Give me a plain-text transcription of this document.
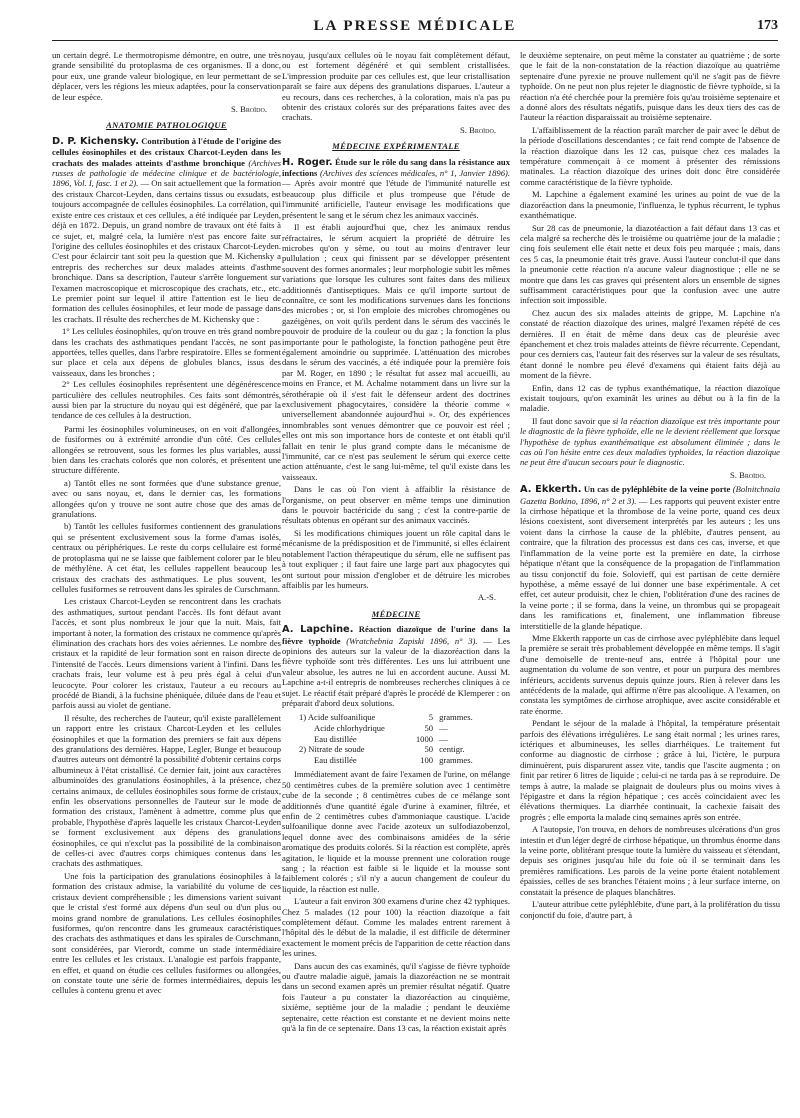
LA PRESSE MÉDICALE	173

un certain degré. Le thermotropisme démontre, en outre, une très grande sensibilité du protoplasma de ces organismes. Il a donc, pour eux, une grande valeur biologique, en leur permettant de se déplacer, vers les régions les mieux adaptées, pour la conservation de leur espèce.

S. Broïdo.
ANATOMIE PATHOLOGIQUE

D. P. Kichensky. Contribution à l'étude de l'origine des cellules éosinophiles et des cristaux Charcot-Leyden dans les crachats des malades atteints d'asthme bronchique (Archives russes de pathologie de médecine clinique et de bactériologie, 1896, Vol. I, fasc. 1 et 2). — On sait actuellement que la formation des cristaux Charcot-Leyden, dans certains tissus ou exsudats, est toujours accompagnée de cellules éosinophiles. La corrélation, qui existe entre ces cristaux et ces cellules, a été indiquée par Leyden, déjà en 1872. Depuis, un grand nombre de travaux ont été faits à ce sujet, et, malgré cela, la lumière n'est pas encore faite sur l'origine des cellules éosinophiles et des cristaux Charcot-Leyden. C'est pour éclaircir tant soit peu la question que M. Kichensky a entrepris des recherches sur deux malades atteints d'asthme bronchique. Dans sa description, l'auteur s'arrête longuement sur l'examen macroscopique et microscopique des crachats, etc., etc. Le premier point sur lequel il attire l'attention est le lieu de formation des cellules éosinophiles, et leur mode de passage dans les crachats. Il résulte des recherches de M. Kichensky que :

1° Les cellules éosinophiles, qu'on trouve en très grand nombre dans les crachats des asthmatiques pendant l'accès, ne sont pas apportées, telles quelles, dans l'arbre respiratoire. Elles se forment sur place et cela aux dépens de globules blancs, issus des vaisseaux, dans les bronches ;

2° Les cellules éosinophiles représentent une dégénérescence particulière des cellules neutrophiles. Ces faits sont démontrés, aussi bien par la structure du noyau qui est dégénéré, que par la tendance de ces cellules à la destruction.

Parmi les éosinophiles volumineuses, on en voit d'allongées, de fusiformes ou à extrémité arrondie d'un côté. Ces cellules allongées se retrouvent, sous les formes les plus variables, aussi bien dans les crachats colorés que non colorés, et présentent une structure différente.

a) Tantôt elles ne sont formées que d'une substance grenue, avec ou sans noyau, et, dans le dernier cas, les formations allongées qu'on y trouve ne sont autre chose que des amas de granulations.

b) Tantôt les cellules fusiformes contiennent des granulations qui se présentent exclusivement sous la forme d'amas isolés, centraux ou périphériques. Le reste du corps cellulaire est formé de protoplasma qui ne se laisse que faiblement colorer par le bleu de méthylène. A cet état, les cellules rappellent beaucoup les cristaux des crachats des asthmatiques. Le plus souvent, les cellules fusiformes se retrouvent dans les spirales de Curschmann.

Les cristaux Charcot-Leyden se rencontrent dans les crachats des asthmatiques, surtout pendant l'accès. Ils font défaut avant l'accès, et sont plus nombreux le jour que la nuit. Mais, fait important à noter, la formation des cristaux ne commence qu'après élimination des crachats hors des voies aériennes. Le nombre des cristaux et la rapidité de leur formation sont en raison directe de l'intensité de l'accès. Leurs dimensions varient à l'infini. Dans les crachats frais, leur volume est à peu près égal à celui d'un leucocyte. Pour colorer les cristaux, l'auteur a eu recours au procédé de Biandi, à la fuchsine phéniquée, diluée dans de l'eau et parfois aussi au violet de gentiane.

Il résulte, des recherches de l'auteur, qu'il existe parallèlement un rapport entre les cristaux Charcot-Leyden et les cellules éosinophiles et que la formation des premiers se fait aux dépens des granulations des dernières. Happe, Legler, Bunge et beaucoup d'autres auteurs ont démontré la possibilité d'obtenir certains corps albumineux à l'état cristallisé. Ce dernier fait, joint aux caractères albuminoïdes des granulations éosinophiles, à la présence, chez certains animaux, de cellules éosinophiles sous forme de cristaux, enfin les observations personnelles de l'auteur sur le mode de formation des cristaux, l'amènent à admettre, comme plus que probable, l'hypothèse d'après laquelle les cristaux Charcot-Leyden se forment exclusivement aux dépens des granulations éosinophiles, ce qui n'exclut pas la possibilité de la combinaison de celles-ci avec d'autres corps chimiques contenus dans les crachats des asthmatiques.

Une fois la participation des granulations éosinophiles à la formation des cristaux admise, la variabilité du volume de ces cristaux devient compréhensible ; les dimensions varient suivant que le cristal s'est formé aux dépens d'un seul ou d'un plus ou moins grand nombre de granulations. Les cellules éosinophiles fusiformes, qu'on rencontre dans les grumeaux caractéristiques des crachats des asthmatiques et dans les spirales de Curschmann, sont considérées, par Vierordt, comme un stade intermédiaire entre les cellules et les cristaux. L'analogie est parfois frappante, en effet, et quand on étudie ces cellules fusiformes ou allongées, on constate toute une série de formes intermédiaires, depuis les cellules à contenu grenu et avec

noyau, jusqu'aux cellules où le noyau fait complètement défaut, ou est fortement dégénéré et qui semblent cristallisées. L'impression produite par ces cellules est, que leur cristallisation paraît se faire aux dépens des granulations disparues. L'auteur a eu recours, dans ces recherches, à la coloration, mais n'a pas pu obtenir des cristaux colorés sur des préparations faites avec des crachats.

S. Broïdo.
MÉDECINE EXPÉRIMENTALE

H. Roger. Étude sur le rôle du sang dans la résistance aux infections (Archives des sciences médicales, n° 1, Janvier 1896). — Après avoir montré que l'étude de l'immunité naturelle est beaucoup plus difficile et plus trompeuse que l'étude de l'immunité artificielle, l'auteur envisage les modifications que présentent le sang et le sérum chez les animaux vaccinés.

Il est établi aujourd'hui que, chez les animaux rendus réfractaires, le sérum acquiert la propriété de détruire les microbes qu'on y sème, ou tout au moins d'entraver leur pullulation ; ceux qui finissent par se développer présentent souvent des formes anormales ; leur morphologie subit les mêmes variations que lorsque les cultures sont faites dans des milieux additionnés d'antiseptiques. Mais ce qu'il importe surtout de connaître, ce sont les modifications survenues dans les fonctions des microbes ; or, si l'on emploie des microbes chromogènes ou gazéigènes, on voit qu'ils perdent dans le sérum des vaccinés le pouvoir de produire de la couleur ou du gaz ; la fonction la plus importante pour le pathologiste, la fonction pathogène peut être également amoindrie ou supprimée. L'atténuation des microbes dans le sérum des vaccinés, a été indiquée pour la première fois par M. Roger, en 1890 ; le résultat fut assez mal accueilli, au moins en France, et M. Achalme notamment dans un livre sur la sérothérapie où il s'est fait le défenseur ardent des doctrines exclusivement phagocytaires, considère la théorie comme « universellement abandonnée aujourd'hui ». Or, des expériences innombrables sont venues démontrer que ce pouvoir est réel ; elles ont mis son importance hors de conteste et ont établi qu'il fallait en tenir le plus grand compte dans le mécanisme de l'immunité, car ce n'est pas seulement le sérum qui exerce cette action atténuante, c'est le sang lui-même, tel qu'il existe dans les vaisseaux.

Dans le cas où l'on vient à affaiblir la résistance de l'organisme, on peut observer en même temps une diminution dans le pouvoir bactéricide du sang ; c'est la contre-partie de résultats obtenus en opérant sur des animaux vaccinés.

Si les modifications chimiques jouent un rôle capital dans le mécanisme de la prédisposition et de l'immunité, si elles éclairent notablement l'action thérapeutique du sérum, elle ne suffisent pas à tout expliquer ; il faut faire une large part aux phagocytes qui ont surtout pour mission d'englober et de détruire les microbes affaiblis par les humeurs.

A.-S.
MÉDECINE

A. Lapchine. Réaction diazoïque de l'urine dans la fièvre typhoïde (Wratchebnia Zapiski 1896, n° 3). — Les opinions des auteurs sur la valeur de la diazoréaction dans la fièvre typhoïde sont très différentes. Les uns lui attribuent une valeur absolue, les autres ne lui en accordent aucune. Aussi M. Lapchine a-t-il entrepris de nombreuses recherches cliniques à ce sujet. Le réactif était préparé d'après le procédé de Klemperer : on préparait d'abord deux solutions.

1) Acide sulfoanilique	5	grammes.
Acide chlorhydrique	50	—
Eau distillée	1000	—
2) Nitrate de soude	50	centigr.
Eau distillée	100	grammes.

Immédiatement avant de faire l'examen de l'urine, on mélange 50 centimètres cubes de la première solution avec 1 centimètre cube de la seconde ; 8 centimètres cubes de ce mélange sont additionnés d'une quantité égale d'urine à examiner, filtrée, et enfin de 2 centimètres cubes d'ammoniaque caustique. L'acide sulfoanilique donne avec l'acide azoteux un sulfodiazobenzol, lequel donne avec des combinaisons amidées de la série aromatique des produits colorés. Si la réaction est complète, après agitation, le liquide et la mousse prennent une coloration rouge sang ; la réaction est faible si le liquide et la mousse sont faiblement colorés ; s'il n'y a aucun changement de couleur du liquide, la réaction est nulle.

L'auteur a fait environ 300 examens d'urine chez 42 typhiques. Chez 5 malades (12 pour 100) la réaction diazoïque a fait complètement défaut. Comme les malades entrent rarement à l'hôpital dès le début de la maladie, il est difficile de déterminer exactement le moment précis de l'apparition de cette réaction dans les urines.

Dans aucun des cas examinés, qu'il s'agisse de fièvre typhoïde ou d'autre maladie aiguë, jamais la diazoréaction ne se montrait dans un second examen après un premier résultat négatif. Quatre fois l'auteur a pu constater la diazoréaction au cinquième, sixième, septième jour de la maladie ; pendant le deuxième septenaire, cette réaction est constante et ne devient moins nette qu'à la fin de ce septenaire. Dans 13 cas, la réaction existait après

le deuxième septenaire, on peut même la constater au quatrième ; de sorte que le fait de la non-constatation de la réaction diazoïque au quatrième septenaire d'une pyrexie ne prouve nullement qu'il ne s'agit pas de fièvre typhoïde. On ne peut non plus rejeter le diagnostic de fièvre typhoïde, si la réaction n'a été cherchée pour la première fois qu'au troisième septenaire et a donné alors des résultats négatifs, puisque dans les deux tiers des cas de l'auteur la réaction disparaissait au troisième septenaire.

L'affaiblissement de la réaction paraît marcher de pair avec le début de la période d'oscillations descendantes ; ce fait rend compte de l'absence de la réaction diazoïque dans les 12 cas, puisque chez ces malades la température commençait à ce moment à présenter des rémissions matinales. La réaction diazoïque des urines doit donc être considérée comme caractéristique de la fièvre typhoïde.

M. Lapchine a également examiné les urines au point de vue de la diazoréaction dans la pneumonie, l'influenza, le typhus récurrent, le typhus exanthématique.

Sur 28 cas de pneumonie, la diazotéaction a fait défaut dans 13 cas et cela malgré sa recherche dès le troisième ou quatrième jour de la maladie ; cinq fois seulement elle était nette et deux fois peu marquée ; mais, dans ces 5 cas, la pneumonie était très grave. Aussi l'auteur conclut-il que dans la pneumonie cette réaction n'a aucune valeur diagnostique ; elle ne se montre que dans les cas graves qui présentent alors un ensemble de signes suffisamment caractéristiques pour que la confusion avec une autre infection soit impossible.

Chez aucun des six malades atteints de grippe, M. Lapchine n'a constaté de réaction diazoïque des urines, malgré l'examen répété de ces dernières. Il en était de même dans deux cas de pleurésie avec épanchement et chez trois malades atteints de fièvre récurrente. Cependant, pour ces derniers cas, l'auteur fait des réserves sur la valeur de ses résultats, étant donné le nombre peu élevé d'examens qui étaient faits déjà au moment de la fièvre.

Enfin, dans 12 cas de typhus exanthématique, la réaction diazoïque existait toujours, qu'on examinât les urines au début ou à la fin de la maladie.

Il faut donc savoir que si la réaction diazoïque est très importante pour le diagnostic de la fièvre typhoïde, elle ne le devient réellement que lorsque l'hypothèse de typhus exanthématique est absolument éliminée ; dans le cas où l'on hésite entre ces deux maladies typhoïdes, la réaction diazoïque ne peut être d'aucun secours pour le diagnostic.

S. Broïdo.

A. Ekkerth. Un cas de pyléphlébite de la veine porte (Bolnitchnaïa Gazetta Botkino, 1896, n° 2 et 3). — Les rapports qui peuvent exister entre la cirrhose hépatique et la thrombose de la veine porte, quand ces deux lésions coexistent, sont diversement interprétés par les auteurs ; les uns voient dans la cirrhose la cause de la phlébite, d'autres pensent, au contraire, que la filtration des processus est dans ces cas, inverse, et que l'inflammation de la veine porte est la première en date, la cirrhose hépatique n'étant que la conséquence de la propagation de l'inflammation au tissu conjonctif du foie. Solovieff, qui est partisan de cette dernière hypothèse, a même essayé de lui donner une base expérimentale. A cet effet, cet auteur produisit, chez le chien, l'oblitération d'une des racines de la veine porte ; il se forma, dans la veine, un thrombus qui se propageait dans les ramifications et, finalement, une inflammation fibreuse interstitielle de la glande hépatique.

Mme Ekkerth rapporte un cas de cirrhose avec pyléphlébite dans lequel la première se serait très probablement développée en même temps. Il s'agit d'une demoiselle de trente-neuf ans, entrée à l'hôpital pour une augmentation du volume de son ventre, et pour un purpura des membres inférieurs, accidents survenus depuis quinze jours. Rien à relever dans les antécédents de la malade, qui affirme n'être pas alcoolique. A l'examen, on constata les symptômes de cirrhose atrophique, avec ascite considérable et rate énorme.

Pendant le séjour de la malade à l'hôpital, la température présentait parfois des élévations irrégulières. Le sang était normal ; les urines rares, ictériques et albumineuses, les selles diarrhéiques. Le traitement fut conforme au diagnostic de cirrhose ; grâce à lui, l'ictère, le purpura diminuèrent, puis disparurent assez vite, tandis que l'ascite augmenta ; on finit par retirer 6 litres de liquide ; celui-ci ne tarda pas à se reproduire. De temps à autre, la malade se plaignait de douleurs plus ou moins vives à l'épigastre et dans la région hépatique ; ces accès coïncidaient avec les élévations thermiques. La diarrhée continuait, la cachexie faisait des progrès ; elle emporta la malade cinq semaines après son entrée.

A l'autopsie, l'on trouva, en dehors de nombreuses ulcérations d'un gros intestin et d'un léger degré de cirrhose hépatique, un thrombus énorme dans la veine porte, oblitérant presque toute la lumière du vaisseau et s'étendant, depuis ses origines jusqu'au hile du foie où il se terminait dans les premières ramifications. Les parois de la veine porte étaient notablement épaissies, celles de ses branches l'étaient moins ; à leur surface interne, on constatait la présence de plaques blanchâtres.

L'auteur attribue cette pyléphlébite, d'une part, à la prolifération du tissu conjonctif du foie, d'autre part, à
